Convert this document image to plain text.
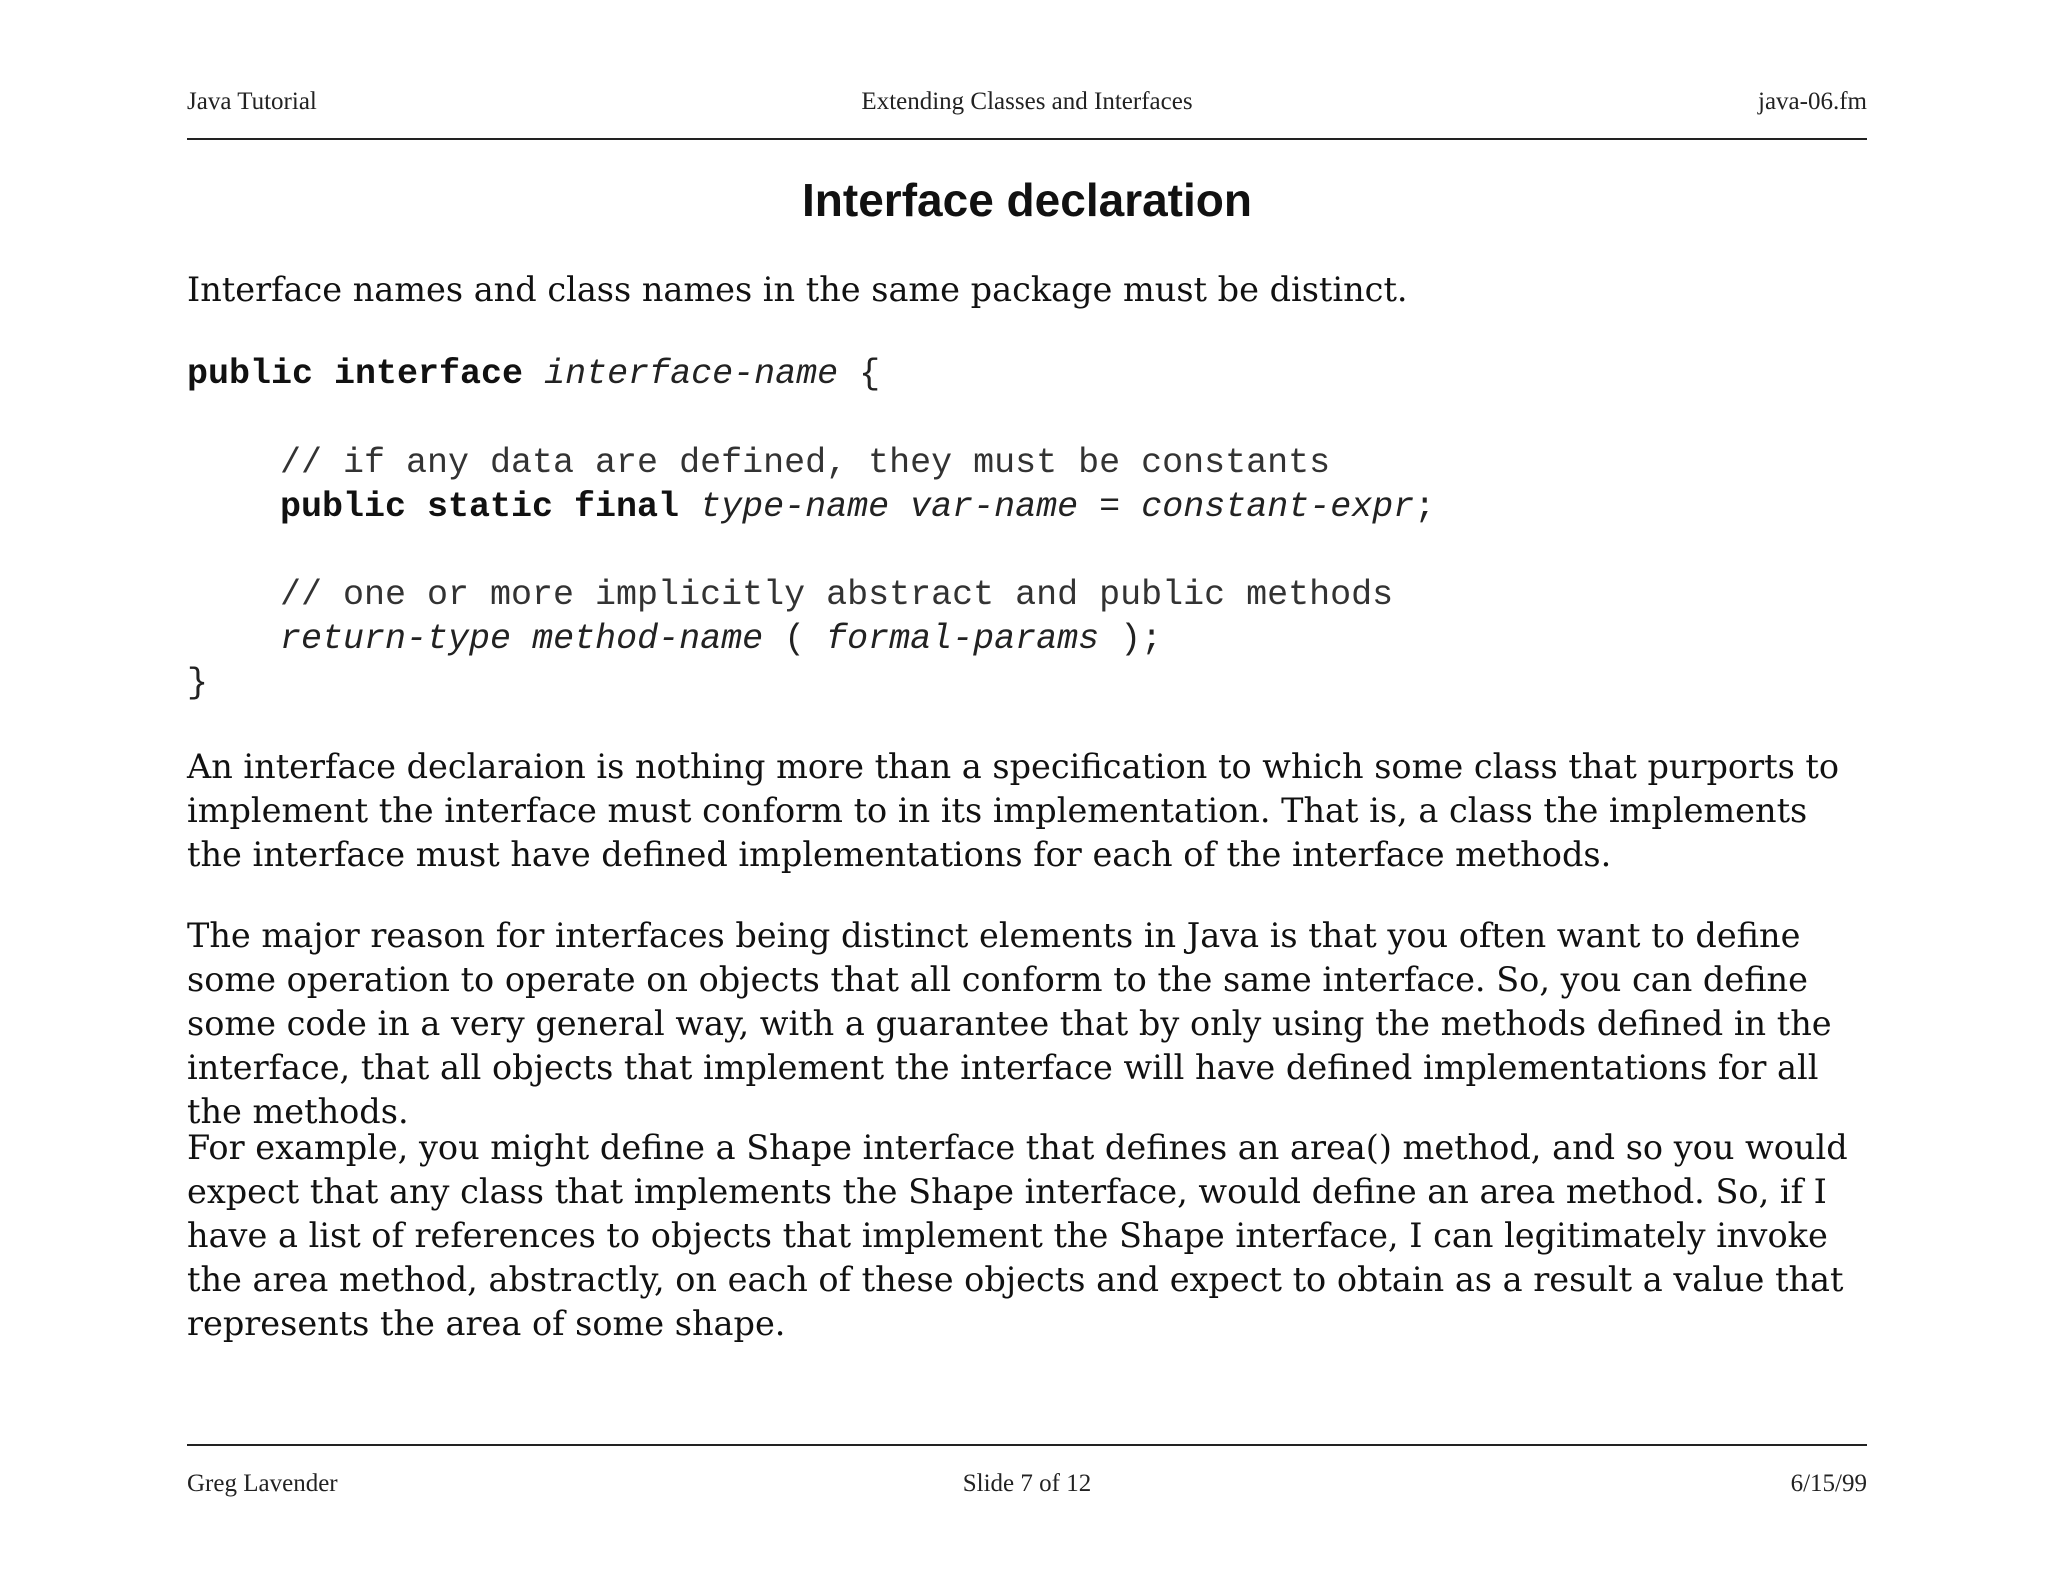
Extending Classes and Interfaces
Java Tutorial	java-06.fm
Interface declaration

Interface names and class names in the same package must be distinct.

public interface interface-name {
// if any data are defined, they must be constants
public static final type-name var-name = constant-expr;
// one or more implicitly abstract and public methods
return-type method-name ( formal-params );
}

An interface declaraion is nothing more than a specification to which some class that purports to implement the interface must conform to in its implementation. That is, a class the implements the interface must have defined implementations for each of the interface methods.

The major reason for interfaces being distinct elements in Java is that you often want to define some operation to operate on objects that all conform to the same interface. So, you can define some code in a very general way, with a guarantee that by only using the methods defined in the interface, that all objects that implement the interface will have defined implementations for all the methods.

For example, you might define a Shape interface that defines an area() method, and so you would expect that any class that implements the Shape interface, would define an area method. So, if I have a list of references to objects that implement the Shape interface, I can legitimately invoke the area method, abstractly, on each of these objects and expect to obtain as a result a value that represents the area of some shape.

Slide 7 of 12
Greg Lavender	6/15/99
